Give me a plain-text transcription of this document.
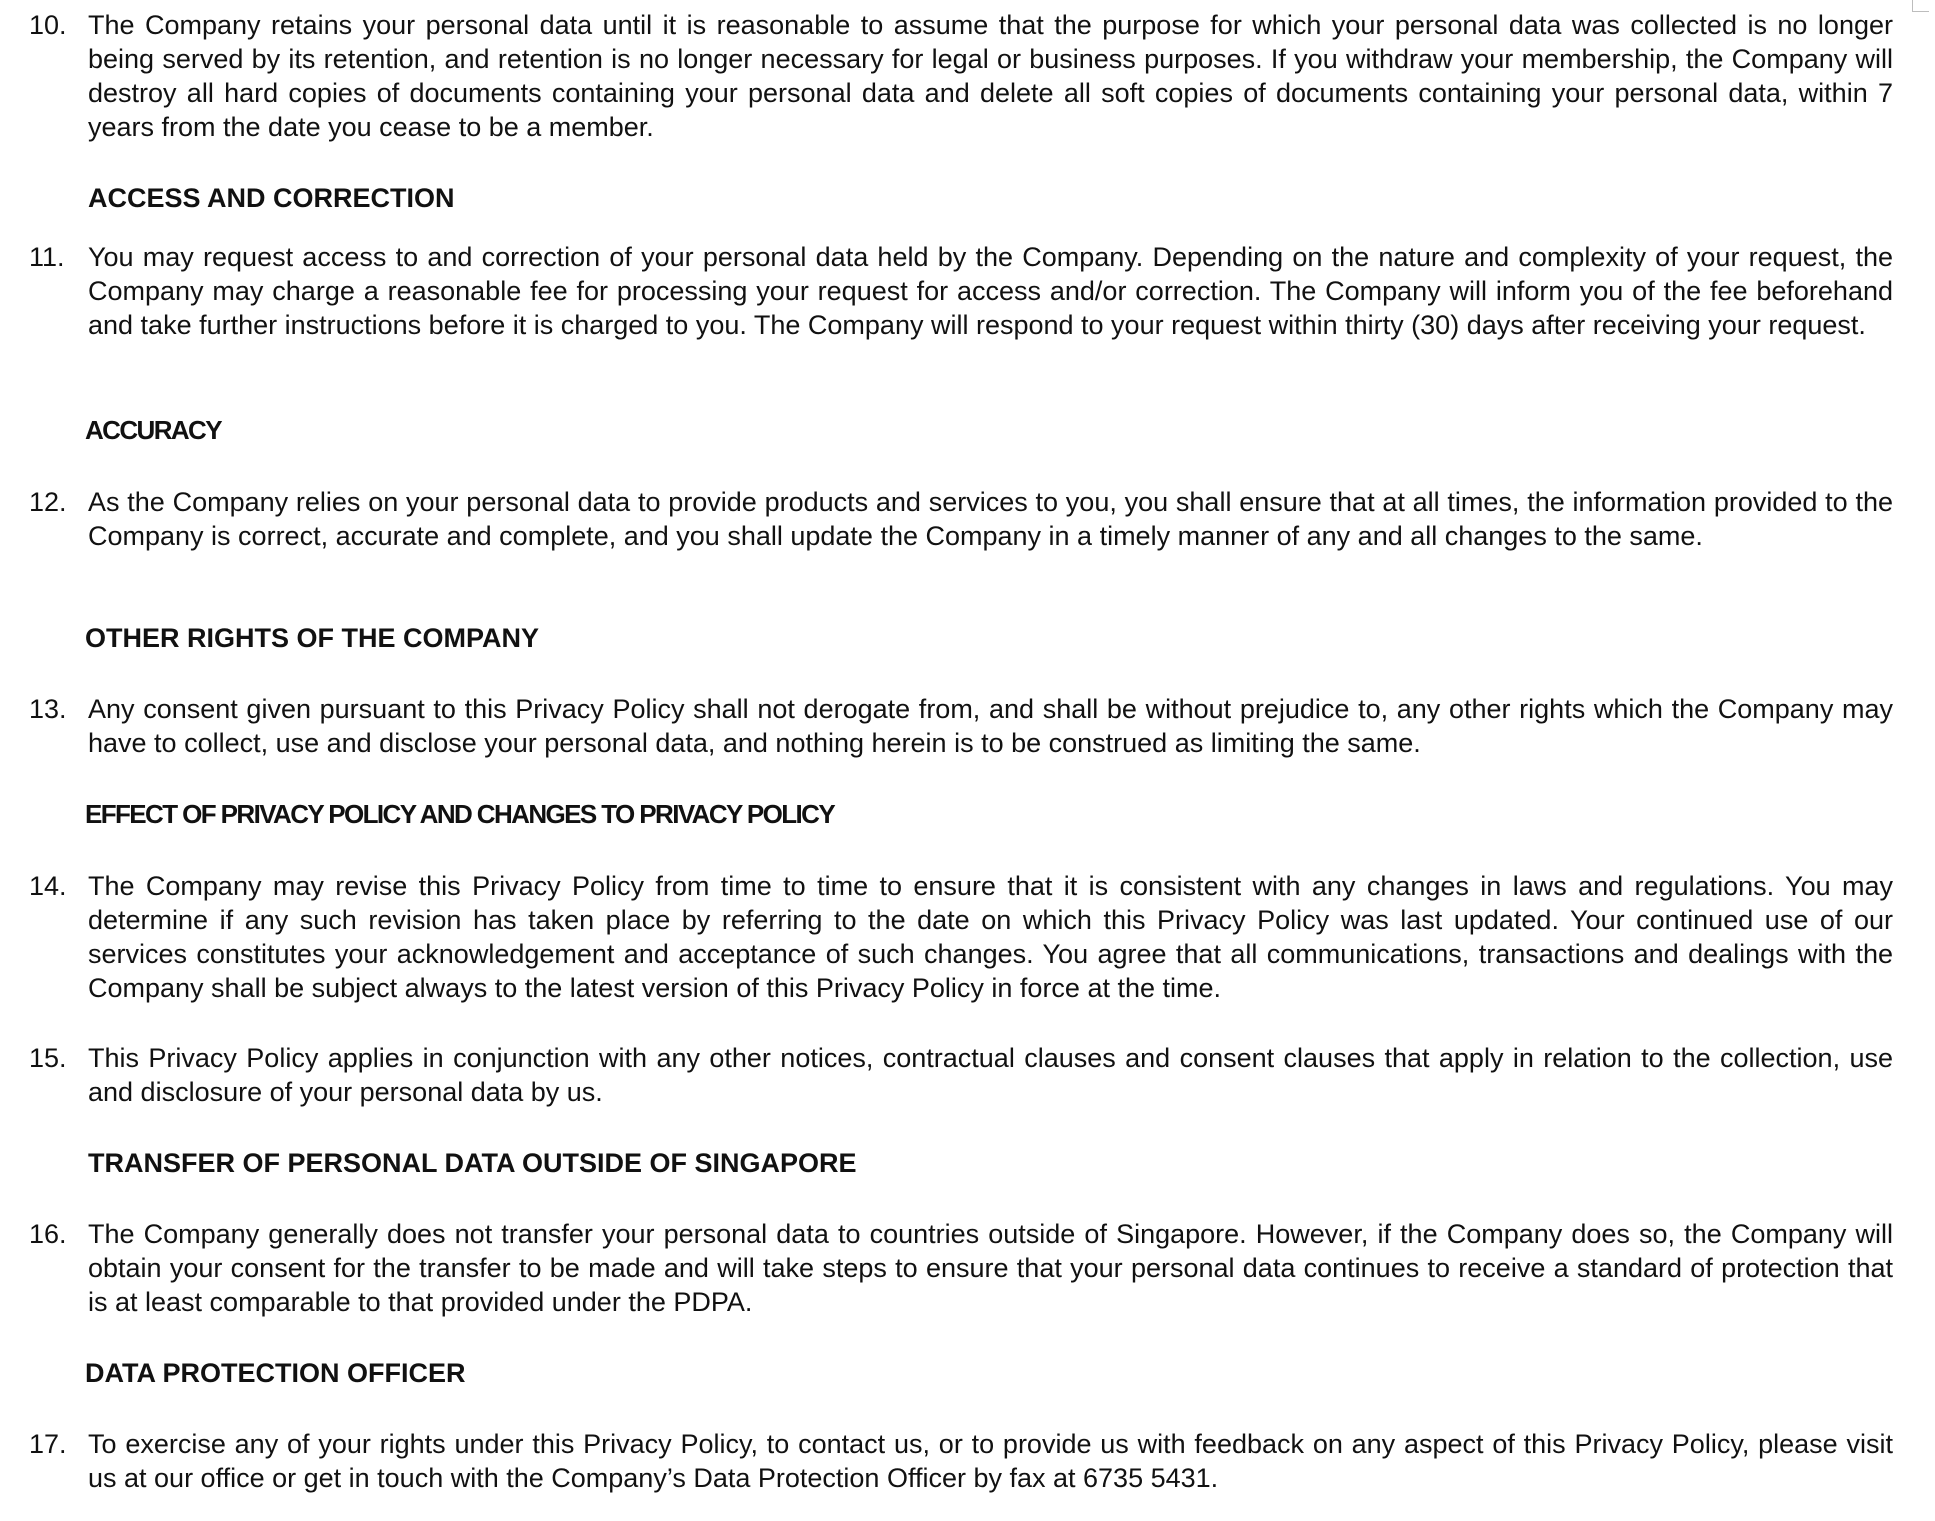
10. The Company retains your personal data until it is reasonable to assume that the purpose for which your personal data was collected is no longer being served by its retention, and retention is no longer necessary for legal or business purposes. If you withdraw your membership, the Company will destroy all hard copies of documents containing your personal data and delete all soft copies of documents containing your personal data, within 7 years from the date you cease to be a member.
ACCESS AND CORRECTION
11. You may request access to and correction of your personal data held by the Company. Depending on the nature and complexity of your request, the Company may charge a reasonable fee for processing your request for access and/or correction. The Company will inform you of the fee beforehand and take further instructions before it is charged to you. The Company will respond to your request within thirty (30) days after receiving your request.
ACCURACY
12. As the Company relies on your personal data to provide products and services to you, you shall ensure that at all times, the information provided to the Company is correct, accurate and complete, and you shall update the Company in a timely manner of any and all changes to the same.
OTHER RIGHTS OF THE COMPANY
13. Any consent given pursuant to this Privacy Policy shall not derogate from, and shall be without prejudice to, any other rights which the Company may have to collect, use and disclose your personal data, and nothing herein is to be construed as limiting the same.
EFFECT OF PRIVACY POLICY AND CHANGES TO PRIVACY POLICY
14. The Company may revise this Privacy Policy from time to time to ensure that it is consistent with any changes in laws and regulations. You may determine if any such revision has taken place by referring to the date on which this Privacy Policy was last updated. Your continued use of our services constitutes your acknowledgement and acceptance of such changes. You agree that all communications, transactions and dealings with the Company shall be subject always to the latest version of this Privacy Policy in force at the time.
15. This Privacy Policy applies in conjunction with any other notices, contractual clauses and consent clauses that apply in relation to the collection, use and disclosure of your personal data by us.
TRANSFER OF PERSONAL DATA OUTSIDE OF SINGAPORE
16. The Company generally does not transfer your personal data to countries outside of Singapore. However, if the Company does so, the Company will obtain your consent for the transfer to be made and will take steps to ensure that your personal data continues to receive a standard of protection that is at least comparable to that provided under the PDPA.
DATA PROTECTION OFFICER
17. To exercise any of your rights under this Privacy Policy, to contact us, or to provide us with feedback on any aspect of this Privacy Policy, please visit us at our office or get in touch with the Company’s Data Protection Officer by fax at 6735 5431.
